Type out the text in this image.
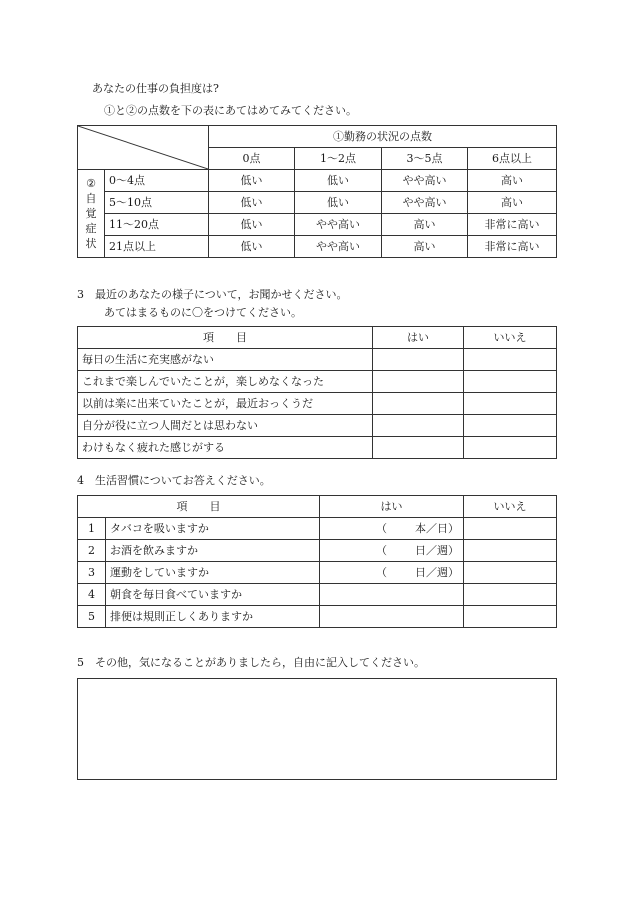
あなたの仕事の負担度は?
①と②の点数を下の表にあてはめてみてください。
	①勤務の状況の点数			
		0点	1〜2点	3〜5点	6点以上

②
自
覚
症
状	0〜4点	低い	低い	やや高い	高い
	5〜10点	低い	低い	やや高い	高い
	11〜20点	低い	やや高い	高い	非常に高い
	21点以上	低い	やや高い	高い	非常に高い
3　最近のあなたの様子について，お聞かせください。
あてはまるものに〇をつけてください。
項　　目	はい	いいえ
毎日の生活に充実感がない		
これまで楽しんでいたことが，楽しめなくなった		
以前は楽に出来ていたことが，最近おっくうだ		
自分が役に立つ人間だとは思わない		
わけもなく疲れた感じがする		
4　生活習慣についてお答えください。
項　　目		はい	いいえ
1	タバコを吸いますか	（ 本／日）	
2	お酒を飲みますか	（ 日／週）	
3	運動をしていますか	（ 日／週）	
4	朝食を毎日食べていますか		
5	排便は規則正しくありますか		
5　その他，気になることがありましたら，自由に記入してください。
